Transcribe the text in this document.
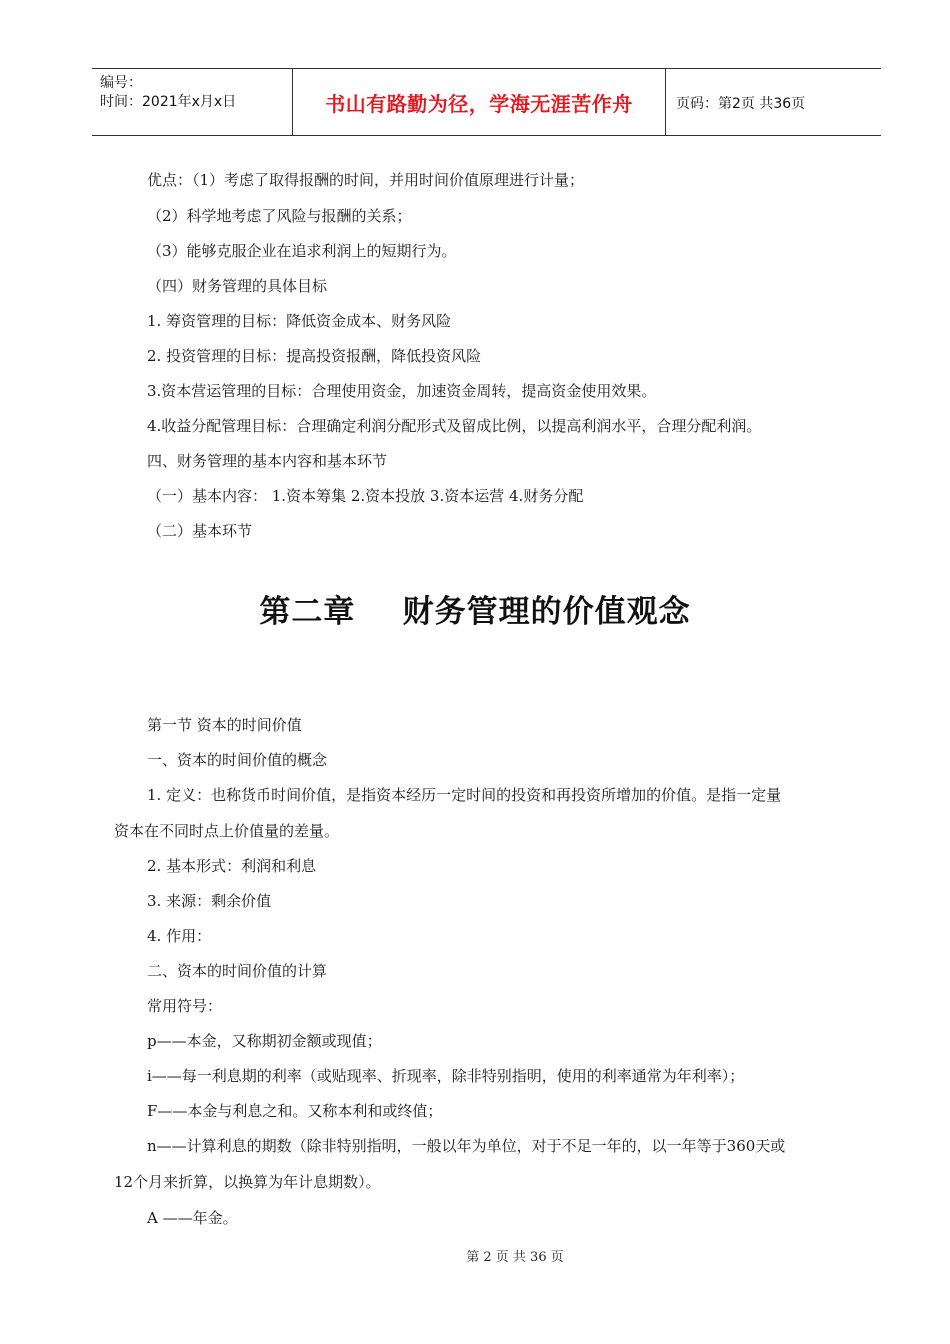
编号：
时间：2021年x月x日	书山有路勤为径，学海无涯苦作舟	页码：第2页 共36页
优点：（1）考虑了取得报酬的时间，并用时间价值原理进行计量；
（2）科学地考虑了风险与报酬的关系；
（3）能够克服企业在追求利润上的短期行为。
（四）财务管理的具体目标
1. 筹资管理的目标：降低资金成本、财务风险
2. 投资管理的目标：提高投资报酬，降低投资风险
3.资本营运管理的目标：合理使用资金，加速资金周转，提高资金使用效果。
4.收益分配管理目标：合理确定利润分配形式及留成比例，以提高利润水平，合理分配利润。
四、财务管理的基本内容和基本环节
（一）基本内容： 1.资本筹集 2.资本投放 3.资本运营 4.财务分配
（二）基本环节
第二章    财务管理的价值观念
第一节 资本的时间价值
一、资本的时间价值的概念
1. 定义：也称货币时间价值，是指资本经历一定时间的投资和再投资所增加的价值。是指一定量
资本在不同时点上价值量的差量。
2. 基本形式：利润和利息
3. 来源：剩余价值
4. 作用：
二、资本的时间价值的计算
常用符号：
p——本金，又称期初金额或现值；
i——每一利息期的利率（或贴现率、折现率，除非特别指明，使用的利率通常为年利率）；
F——本金与利息之和。又称本利和或终值；
n——计算利息的期数（除非特别指明，一般以年为单位，对于不足一年的，以一年等于360天或
12个月来折算，以换算为年计息期数）。
A ——年金。
第 2 页 共 36 页
